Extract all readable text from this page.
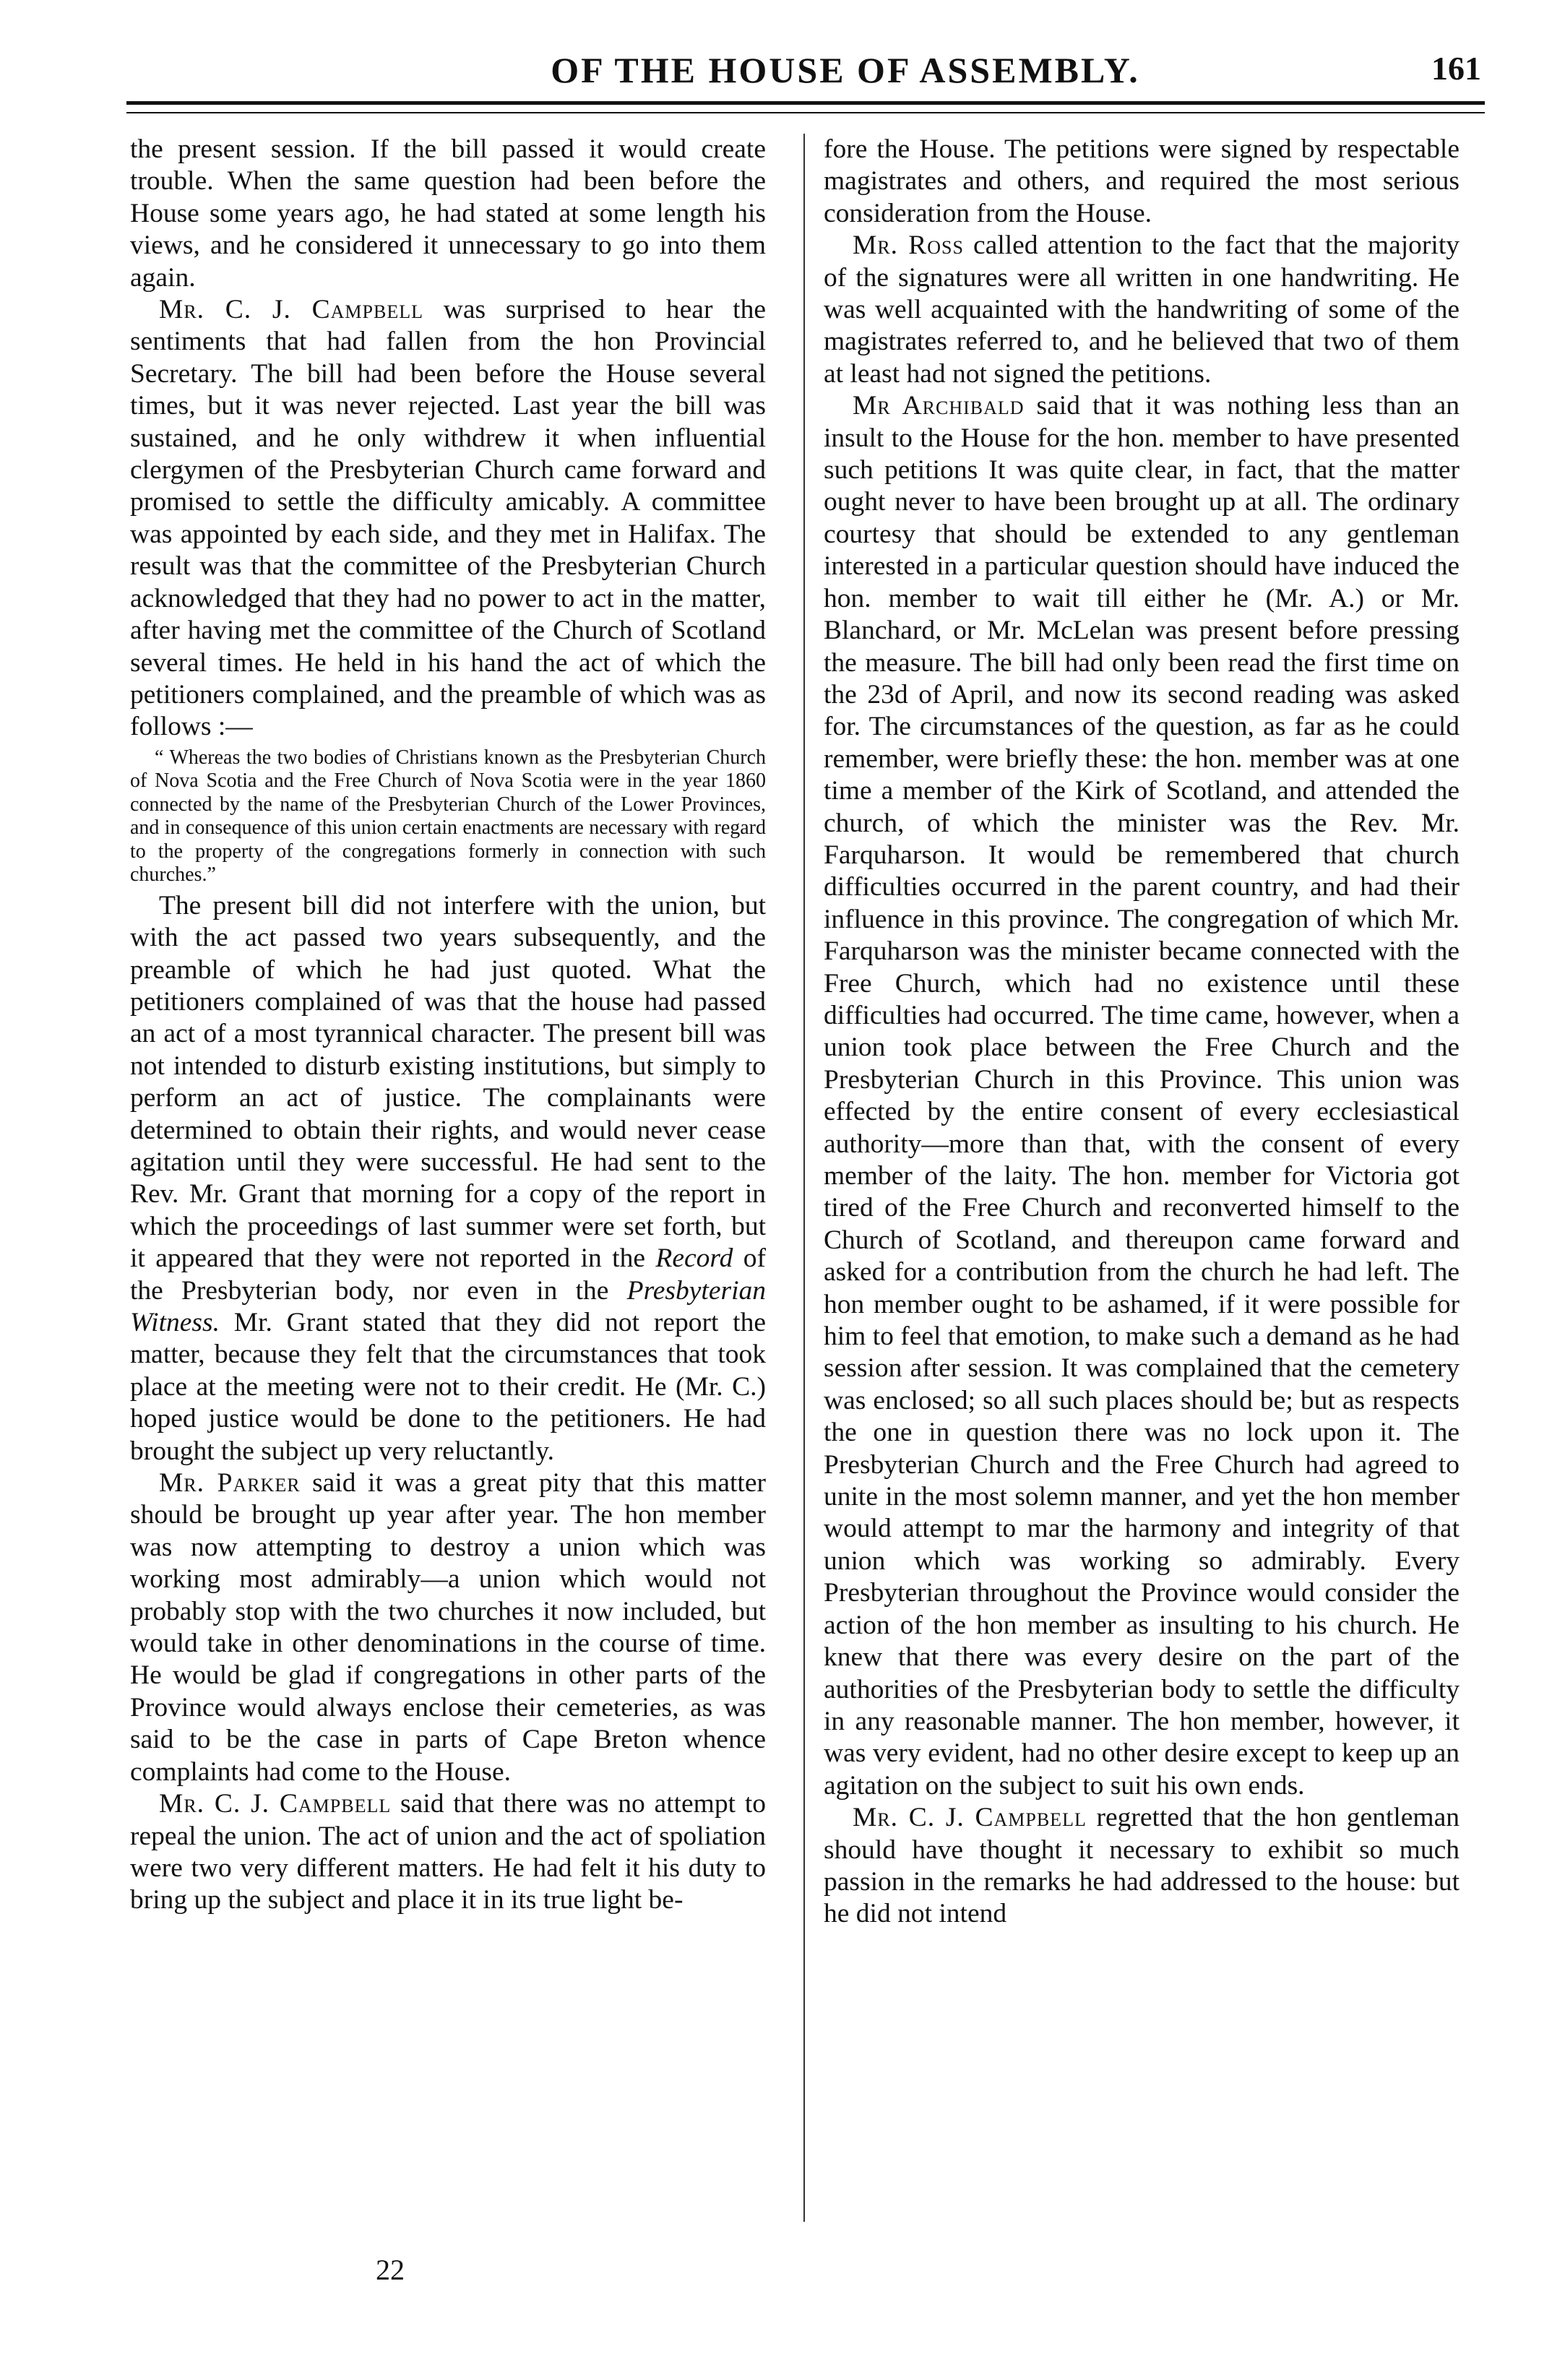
OF THE HOUSE OF ASSEMBLY.	161

the present session. If the bill passed it would create trouble. When the same question had been before the House some years ago, he had stated at some length his views, and he considered it unnecessary to go into them again.

Mr. C. J. Campbell was surprised to hear the sentiments that had fallen from the hon Provincial Secretary. The bill had been before the House several times, but it was never rejected. Last year the bill was sustained, and he only withdrew it when influential clergymen of the Presbyterian Church came forward and promised to settle the difficulty amicably. A committee was appointed by each side, and they met in Halifax. The result was that the committee of the Presbyterian Church acknowledged that they had no power to act in the matter, after having met the committee of the Church of Scotland several times. He held in his hand the act of which the petitioners complained, and the preamble of which was as follows :—

“ Whereas the two bodies of Christians known as the Presbyterian Church of Nova Scotia and the Free Church of Nova Scotia were in the year 1860 connected by the name of the Presbyterian Church of the Lower Provinces, and in consequence of this union certain enactments are necessary with regard to the property of the congregations formerly in connection with such churches.”

The present bill did not interfere with the union, but with the act passed two years subsequently, and the preamble of which he had just quoted. What the petitioners complained of was that the house had passed an act of a most tyrannical character. The present bill was not intended to disturb existing institutions, but simply to perform an act of justice. The complainants were determined to obtain their rights, and would never cease agitation until they were successful. He had sent to the Rev. Mr. Grant that morning for a copy of the report in which the proceedings of last summer were set forth, but it appeared that they were not reported in the Record of the Presbyterian body, nor even in the Presbyterian Witness. Mr. Grant stated that they did not report the matter, because they felt that the circumstances that took place at the meeting were not to their credit. He (Mr. C.) hoped justice would be done to the petitioners. He had brought the subject up very reluctantly.

Mr. Parker said it was a great pity that this matter should be brought up year after year. The hon member was now attempting to destroy a union which was working most admirably—a union which would not probably stop with the two churches it now included, but would take in other denominations in the course of time. He would be glad if congregations in other parts of the Province would always enclose their cemeteries, as was said to be the case in parts of Cape Breton whence complaints had come to the House.

Mr. C. J. Campbell said that there was no attempt to repeal the union. The act of union and the act of spoliation were two very different matters. He had felt it his duty to bring up the subject and place it in its true light be-

fore the House. The petitions were signed by respectable magistrates and others, and required the most serious consideration from the House.

Mr. Ross called attention to the fact that the majority of the signatures were all written in one handwriting. He was well acquainted with the handwriting of some of the magistrates referred to, and he believed that two of them at least had not signed the petitions.

Mr Archibald said that it was nothing less than an insult to the House for the hon. member to have presented such petitions It was quite clear, in fact, that the matter ought never to have been brought up at all. The ordinary courtesy that should be extended to any gentleman interested in a particular question should have induced the hon. member to wait till either he (Mr. A.) or Mr. Blanchard, or Mr. McLelan was present before pressing the measure. The bill had only been read the first time on the 23d of April, and now its second reading was asked for. The circumstances of the question, as far as he could remember, were briefly these: the hon. member was at one time a member of the Kirk of Scotland, and attended the church, of which the minister was the Rev. Mr. Farquharson. It would be remembered that church difficulties occurred in the parent country, and had their influence in this province. The congregation of which Mr. Farquharson was the minister became connected with the Free Church, which had no existence until these difficulties had occurred. The time came, however, when a union took place between the Free Church and the Presbyterian Church in this Province. This union was effected by the entire consent of every ecclesiastical authority—more than that, with the consent of every member of the laity. The hon. member for Victoria got tired of the Free Church and reconverted himself to the Church of Scotland, and thereupon came forward and asked for a contribution from the church he had left. The hon member ought to be ashamed, if it were possible for him to feel that emotion, to make such a demand as he had session after session. It was complained that the cemetery was enclosed; so all such places should be; but as respects the one in question there was no lock upon it. The Presbyterian Church and the Free Church had agreed to unite in the most solemn manner, and yet the hon member would attempt to mar the harmony and integrity of that union which was working so admirably. Every Presbyterian throughout the Province would consider the action of the hon member as insulting to his church. He knew that there was every desire on the part of the authorities of the Presbyterian body to settle the difficulty in any reasonable manner. The hon member, however, it was very evident, had no other desire except to keep up an agitation on the subject to suit his own ends.

Mr. C. J. Campbell regretted that the hon gentleman should have thought it necessary to exhibit so much passion in the remarks he had addressed to the house: but he did not intend

22
